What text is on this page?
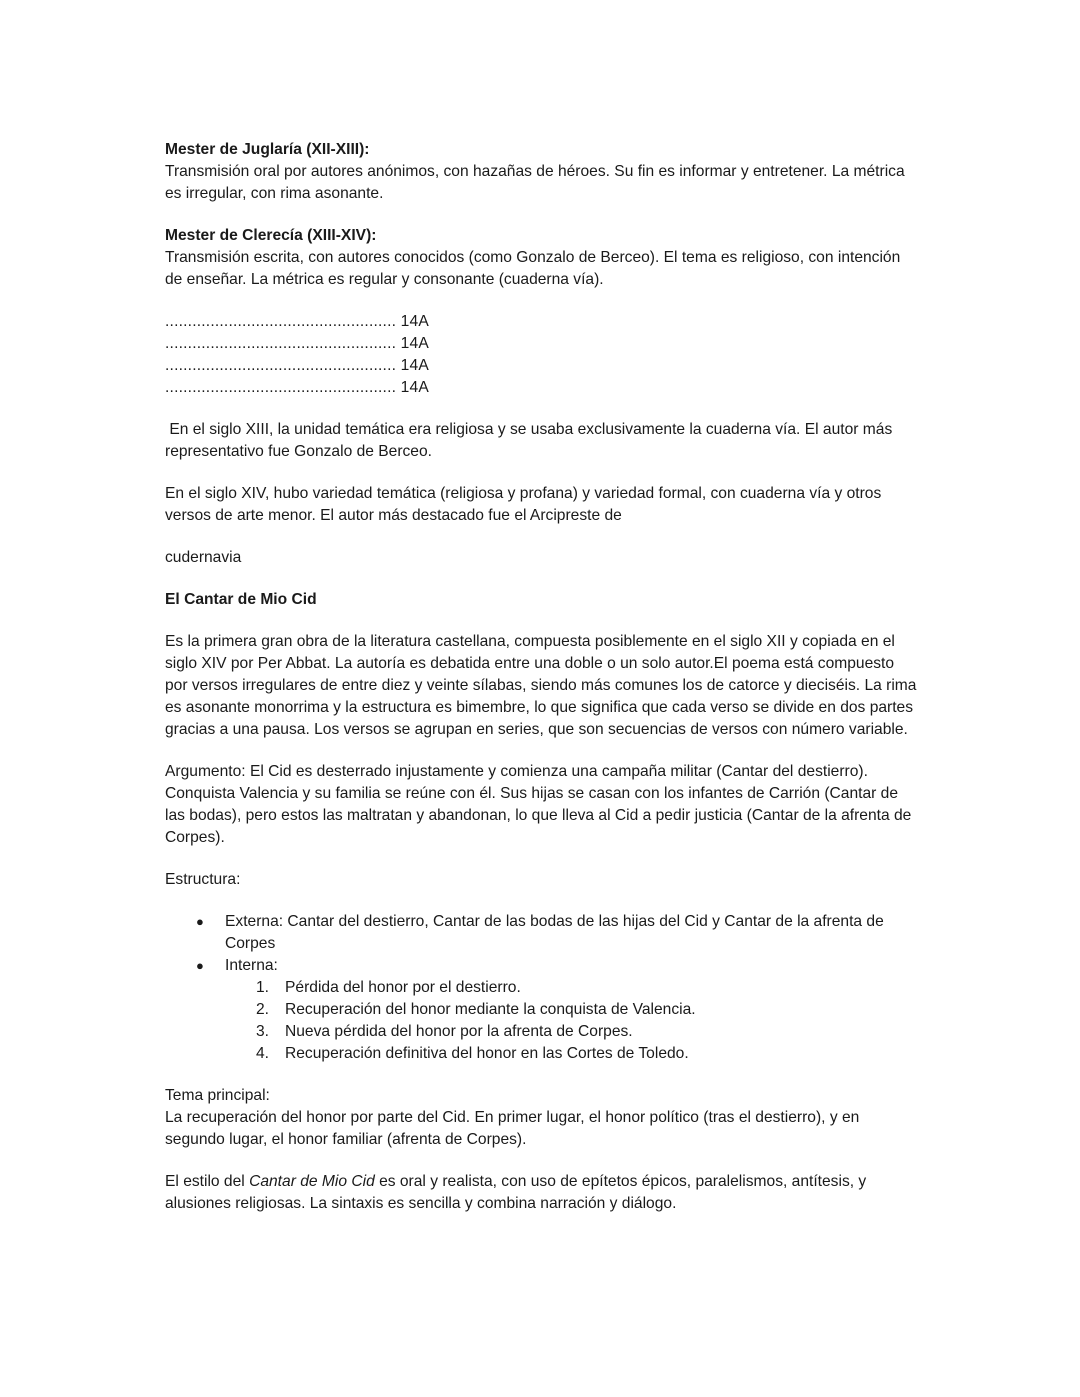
Mester de Juglaría (XII-XIII):

Transmisión oral por autores anónimos, con hazañas de héroes. Su fin es informar y entretener. La métrica es irregular, con rima asonante.

Mester de Clerecía (XIII-XIV):

Transmisión escrita, con autores conocidos (como Gonzalo de Berceo). El tema es religioso, con intención de enseñar. La métrica es regular y consonante (cuaderna vía).

................................................... 14A

................................................... 14A

................................................... 14A

................................................... 14A

En el siglo XIII, la unidad temática era religiosa y se usaba exclusivamente la cuaderna vía. El autor más representativo fue Gonzalo de Berceo.

En el siglo XIV, hubo variedad temática (religiosa y profana) y variedad formal, con cuaderna vía y otros versos de arte menor. El autor más destacado fue el Arcipreste de

cudernavia

El Cantar de Mio Cid

Es la primera gran obra de la literatura castellana, compuesta posiblemente en el siglo XII y copiada en el siglo XIV por Per Abbat. La autoría es debatida entre una doble o un solo autor.El poema está compuesto por versos irregulares de entre diez y veinte sílabas, siendo más comunes los de catorce y dieciséis. La rima es asonante monorrima y la estructura es bimembre, lo que significa que cada verso se divide en dos partes gracias a una pausa. Los versos se agrupan en series, que son secuencias de versos con número variable.

Argumento: El Cid es desterrado injustamente y comienza una campaña militar (Cantar del destierro). Conquista Valencia y su familia se reúne con él. Sus hijas se casan con los infantes de Carrión (Cantar de las bodas), pero estos las maltratan y abandonan, lo que lleva al Cid a pedir justicia (Cantar de la afrenta de Corpes).

Estructura:

● Externa: Cantar del destierro, Cantar de las bodas de las hijas del Cid y Cantar de la afrenta de Corpes
● Interna:
1. Pérdida del honor por el destierro.
2. Recuperación del honor mediante la conquista de Valencia.
3. Nueva pérdida del honor por la afrenta de Corpes.
4. Recuperación definitiva del honor en las Cortes de Toledo.

Tema principal:

La recuperación del honor por parte del Cid. En primer lugar, el honor político (tras el destierro), y en segundo lugar, el honor familiar (afrenta de Corpes).

El estilo del Cantar de Mio Cid es oral y realista, con uso de epítetos épicos, paralelismos, antítesis, y alusiones religiosas. La sintaxis es sencilla y combina narración y diálogo.
